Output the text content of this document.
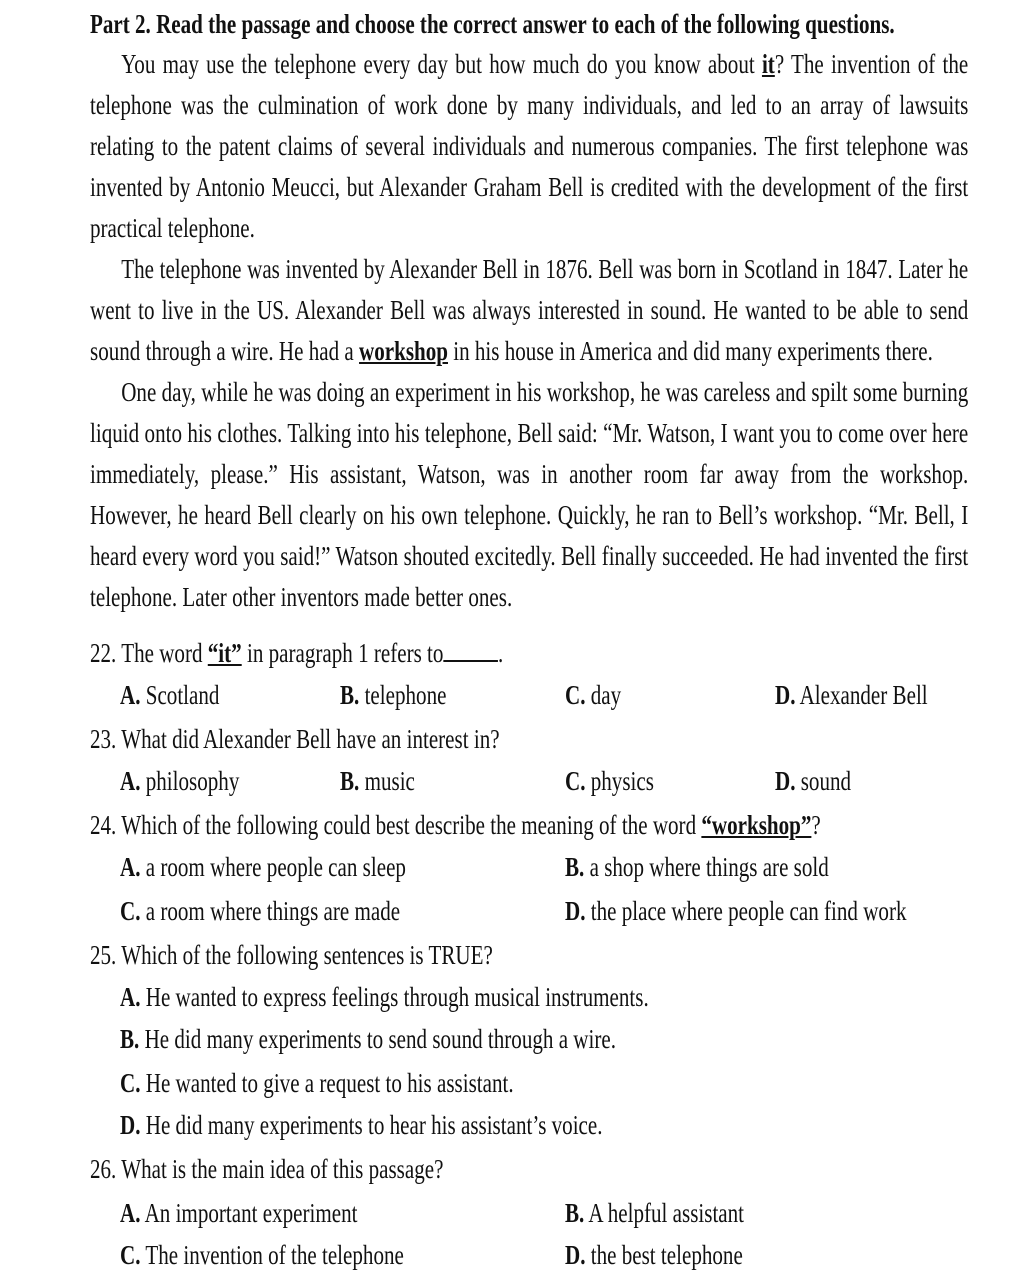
Part 2. Read the passage and choose the correct answer to each of the following questions.

You may use the telephone every day but how much do you know about it? The invention of the telephone was the culmination of work done by many individuals, and led to an array of lawsuits relating to the patent claims of several individuals and numerous companies. The first telephone was invented by Antonio Meucci, but Alexander Graham Bell is credited with the development of the first practical telephone.

The telephone was invented by Alexander Bell in 1876. Bell was born in Scotland in 1847. Later he went to live in the US. Alexander Bell was always interested in sound. He wanted to be able to send sound through a wire. He had a workshop in his house in America and did many experiments there.

One day, while he was doing an experiment in his workshop, he was careless and spilt some burning liquid onto his clothes. Talking into his telephone, Bell said: “Mr. Watson, I want you to come over here immediately, please.” His assistant, Watson, was in another room far away from the workshop. However, he heard Bell clearly on his own telephone. Quickly, he ran to Bell’s workshop. “Mr. Bell, I heard every word you said!” Watson shouted excitedly. Bell finally succeeded. He had invented the first telephone. Later other inventors made better ones.

22. The word “it” in paragraph 1 refers to .
A. Scotland	B. telephone	C. day	D. Alexander Bell
23. What did Alexander Bell have an interest in?
A. philosophy	B. music	C. physics	D. sound
24. Which of the following could best describe the meaning of the word “workshop”?
A. a room where people can sleep	B. a shop where things are sold
C. a room where things are made	D. the place where people can find work
25. Which of the following sentences is TRUE?
A. He wanted to express feelings through musical instruments.
B. He did many experiments to send sound through a wire.
C. He wanted to give a request to his assistant.
D. He did many experiments to hear his assistant’s voice.
26. What is the main idea of this passage?
A. An important experiment	B. A helpful assistant
C. The invention of the telephone	D. the best telephone
